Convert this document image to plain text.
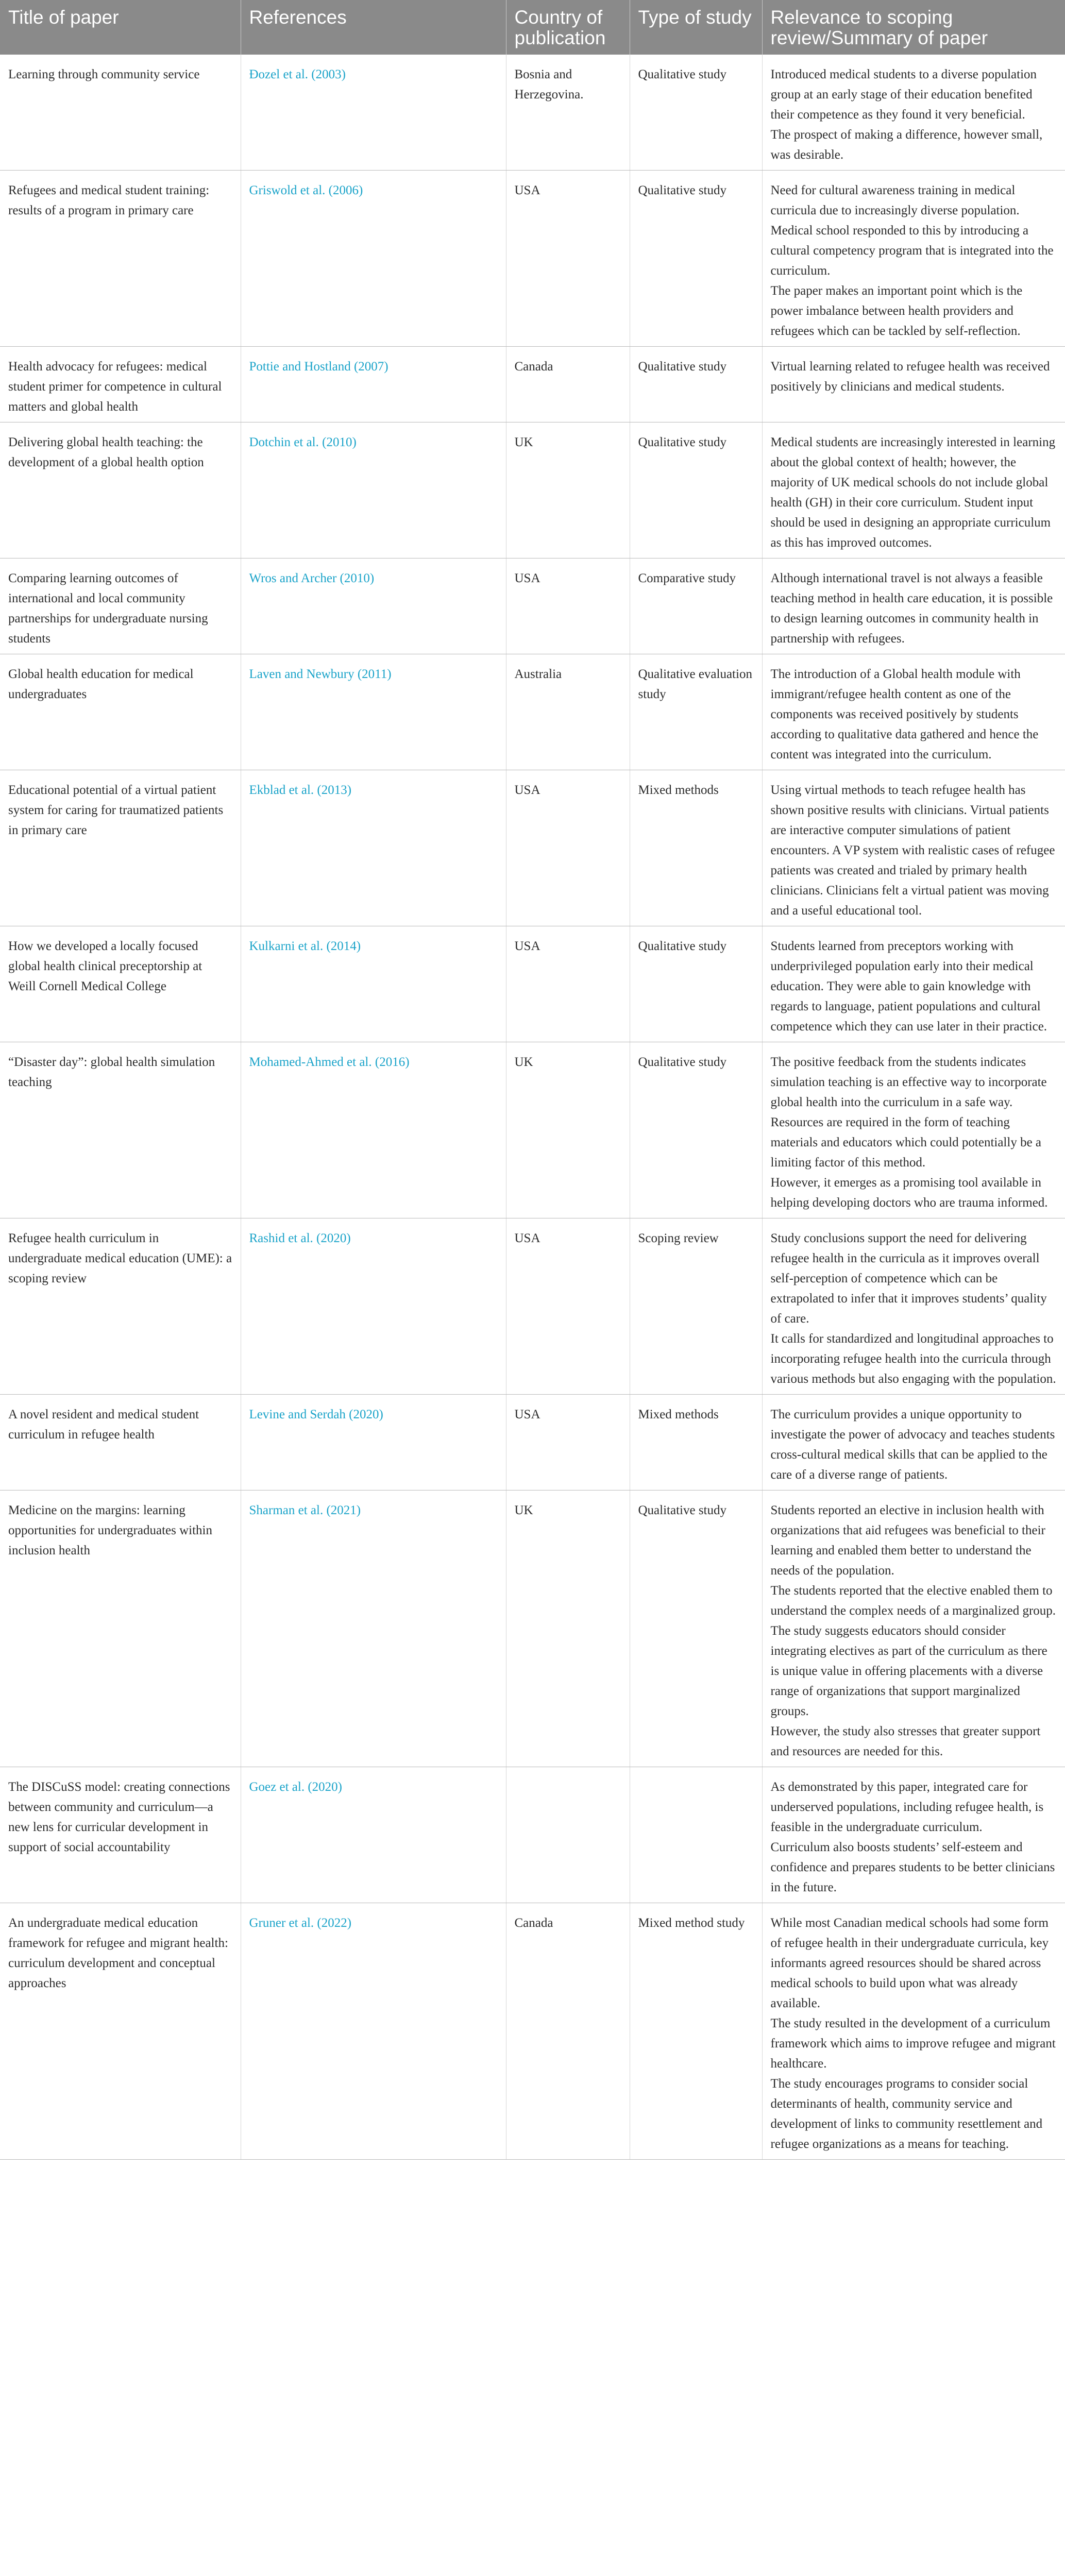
Title of paper	References	Country of publication	Type of study	Relevance to scoping review/Summary of paper
Learning through community service	Đozel et al. (2003)	Bosnia and Herzegovina.	Qualitative study	Introduced medical students to a diverse population group at an early stage of their education benefited their competence as they found it very beneficial.
The prospect of making a difference, however small, was desirable.

Refugees and medical student training: results of a program in primary care	Griswold et al. (2006)	USA	Qualitative study	Need for cultural awareness training in medical curricula due to increasingly diverse population. Medical school responded to this by introducing a cultural competency program that is integrated into the curriculum.
The paper makes an important point which is the power imbalance between health providers and refugees which can be tackled by self-reflection.

Health advocacy for refugees: medical student primer for competence in cultural matters and global health	Pottie and Hostland (2007)	Canada	Qualitative study	Virtual learning related to refugee health was received positively by clinicians and medical students.

Delivering global health teaching: the development of a global health option	Dotchin et al. (2010)	UK	Qualitative study	Medical students are increasingly interested in learning about the global context of health; however, the majority of UK medical schools do not include global health (GH) in their core curriculum. Student input should be used in designing an appropriate curriculum as this has improved outcomes.

Comparing learning outcomes of international and local community partnerships for undergraduate nursing students	Wros and Archer (2010)	USA	Comparative study	Although international travel is not always a feasible teaching method in health care education, it is possible to design learning outcomes in community health in partnership with refugees.

Global health education for medical undergraduates	Laven and Newbury (2011)	Australia	Qualitative evaluation study	The introduction of a Global health module with immigrant/refugee health content as one of the components was received positively by students according to qualitative data gathered and hence the content was integrated into the curriculum.

Educational potential of a virtual patient system for caring for traumatized patients in primary care	Ekblad et al. (2013)	USA	Mixed methods	Using virtual methods to teach refugee health has shown positive results with clinicians. Virtual patients are interactive computer simulations of patient encounters. A VP system with realistic cases of refugee patients was created and trialed by primary health clinicians. Clinicians felt a virtual patient was moving and a useful educational tool.

How we developed a locally focused global health clinical preceptorship at Weill Cornell Medical College	Kulkarni et al. (2014)	USA	Qualitative study	Students learned from preceptors working with underprivileged population early into their medical education. They were able to gain knowledge with regards to language, patient populations and cultural competence which they can use later in their practice.

“Disaster day”: global health simulation teaching	Mohamed-Ahmed et al. (2016)	UK	Qualitative study	The positive feedback from the students indicates simulation teaching is an effective way to incorporate global health into the curriculum in a safe way.
Resources are required in the form of teaching materials and educators which could potentially be a limiting factor of this method.
However, it emerges as a promising tool available in helping developing doctors who are trauma informed.

Refugee health curriculum in undergraduate medical education (UME): a scoping review	Rashid et al. (2020)	USA	Scoping review	Study conclusions support the need for delivering refugee health in the curricula as it improves overall self-perception of competence which can be extrapolated to infer that it improves students’ quality of care.
It calls for standardized and longitudinal approaches to incorporating refugee health into the curricula through various methods but also engaging with the population.

A novel resident and medical student curriculum in refugee health	Levine and Serdah (2020)	USA	Mixed methods	The curriculum provides a unique opportunity to investigate the power of advocacy and teaches students cross-cultural medical skills that can be applied to the care of a diverse range of patients.

Medicine on the margins: learning opportunities for undergraduates within inclusion health	Sharman et al. (2021)	UK	Qualitative study	Students reported an elective in inclusion health with organizations that aid refugees was beneficial to their learning and enabled them better to understand the needs of the population.
The students reported that the elective enabled them to understand the complex needs of a marginalized group. The study suggests educators should consider integrating electives as part of the curriculum as there is unique value in offering placements with a diverse range of organizations that support marginalized groups.
However, the study also stresses that greater support and resources are needed for this.

The DISCuSS model: creating connections between community and curriculum—a new lens for curricular development in support of social accountability	Goez et al. (2020)			As demonstrated by this paper, integrated care for underserved populations, including refugee health, is feasible in the undergraduate curriculum.
Curriculum also boosts students’ self-esteem and confidence and prepares students to be better clinicians in the future.

An undergraduate medical education framework for refugee and migrant health: curriculum development and conceptual approaches	Gruner et al. (2022)	Canada	Mixed method study	While most Canadian medical schools had some form of refugee health in their undergraduate curricula, key informants agreed resources should be shared across medical schools to build upon what was already available.
The study resulted in the development of a curriculum framework which aims to improve refugee and migrant healthcare.
The study encourages programs to consider social determinants of health, community service and development of links to community resettlement and refugee organizations as a means for teaching.
